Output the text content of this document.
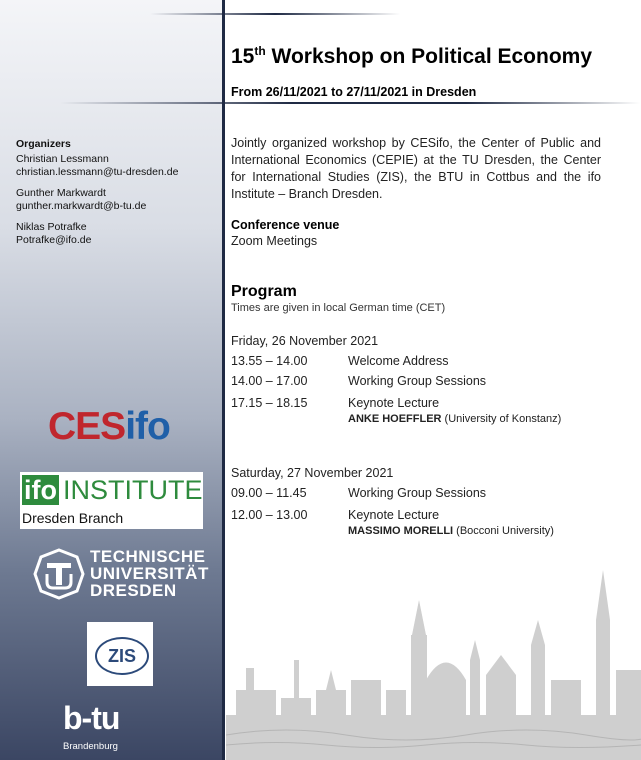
15th Workshop on Political Economy
From 26/11/2021 to 27/11/2021 in Dresden
Organizers
Christian Lessmann
christian.lessmann@tu-dresden.de
Gunther Markwardt
gunther.markwardt@b-tu.de
Niklas Potrafke
Potrafke@ifo.de
Jointly organized workshop by CESifo, the Center of Public and International Economics (CEPIE) at the TU Dresden, the Center for International Studies (ZIS), the BTU in Cottbus and the ifo Institute – Branch Dresden.
Conference venue
Zoom Meetings
Program
Times are given in local German time (CET)
Friday, 26 November 2021
13.55 – 14.00	Welcome Address
14.00 – 17.00	Working Group Sessions
17.15 – 18.15	Keynote Lecture
ANKE HOEFFLER (University of Konstanz)
Saturday, 27 November 2021
09.00 – 11.45	Working Group Sessions
12.00 – 13.00	Keynote Lecture
MASSIMO MORELLI (Bocconi University)
CESifo
ifo INSTITUTE
Dresden Branch
TECHNISCHE
UNIVERSITÄT
DRESDEN
ZIS
b-tu
Brandenburg
